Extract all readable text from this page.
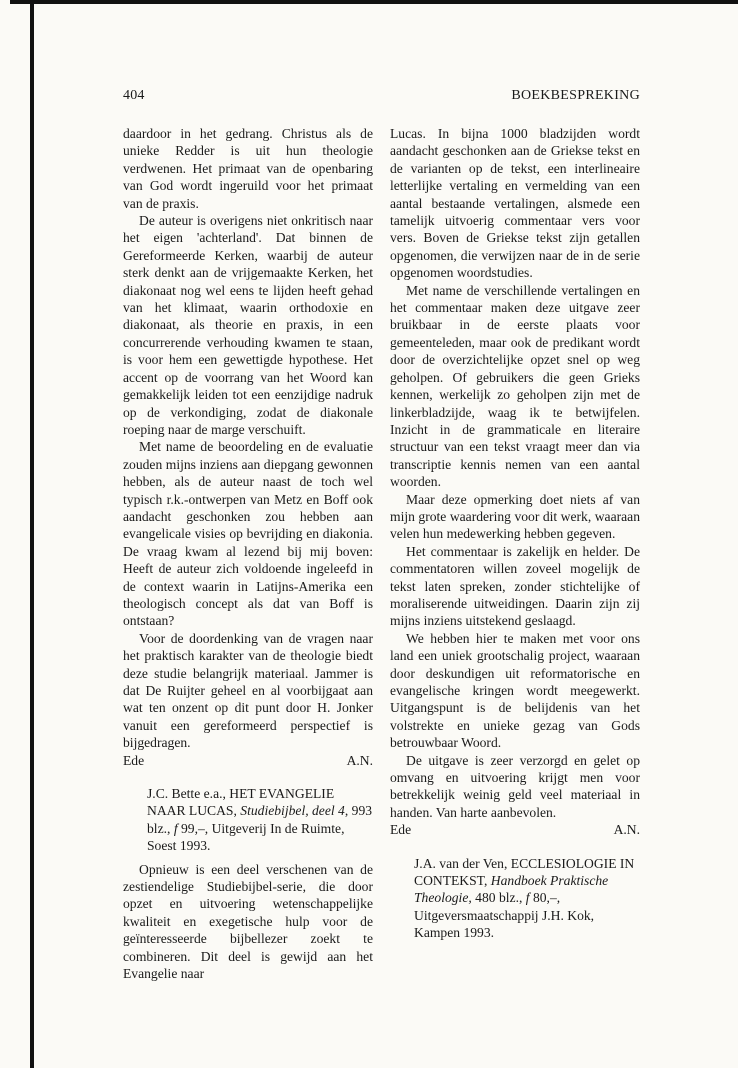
404	BOEKBESPREKING

daardoor in het gedrang. Christus als de unieke Redder is uit hun theologie verdwenen. Het primaat van de openbaring van God wordt ingeruild voor het primaat van de praxis.

De auteur is overigens niet onkritisch naar het eigen 'achterland'. Dat binnen de Gereformeerde Kerken, waarbij de auteur sterk denkt aan de vrijgemaakte Kerken, het diakonaat nog wel eens te lijden heeft gehad van het klimaat, waarin orthodoxie en diakonaat, als theorie en praxis, in een concurrerende verhouding kwamen te staan, is voor hem een gewettigde hypothese. Het accent op de voorrang van het Woord kan gemakkelijk leiden tot een eenzijdige nadruk op de verkondiging, zodat de diakonale roeping naar de marge verschuift.

Met name de beoordeling en de evaluatie zouden mijns inziens aan diepgang gewonnen hebben, als de auteur naast de toch wel typisch r.k.-ontwerpen van Metz en Boff ook aandacht geschonken zou hebben aan evangelicale visies op bevrijding en diakonia. De vraag kwam al lezend bij mij boven: Heeft de auteur zich voldoende ingeleefd in de context waarin in Latijns-Amerika een theologisch concept als dat van Boff is ontstaan?

Voor de doordenking van de vragen naar het praktisch karakter van de theologie biedt deze studie belangrijk materiaal. Jammer is dat De Ruijter geheel en al voorbijgaat aan wat ten onzent op dit punt door H. Jonker vanuit een gereformeerd perspectief is bijgedragen.

Ede	A.N.

J.C. Bette e.a., HET EVANGELIE NAAR LUCAS, Studiebijbel, deel 4, 993 blz., f 99,–, Uitgeverij In de Ruimte, Soest 1993.

Opnieuw is een deel verschenen van de zestiendelige Studiebijbel-serie, die door opzet en uitvoering wetenschappelijke kwaliteit en exegetische hulp voor de geïnteresseerde bijbellezer zoekt te combineren. Dit deel is gewijd aan het Evangelie naar

Lucas. In bijna 1000 bladzijden wordt aandacht geschonken aan de Griekse tekst en de varianten op de tekst, een interlineaire letterlijke vertaling en vermelding van een aantal bestaande vertalingen, alsmede een tamelijk uitvoerig commentaar vers voor vers. Boven de Griekse tekst zijn getallen opgenomen, die verwijzen naar de in de serie opgenomen woordstudies.

Met name de verschillende vertalingen en het commentaar maken deze uitgave zeer bruikbaar in de eerste plaats voor gemeenteleden, maar ook de predikant wordt door de overzichtelijke opzet snel op weg geholpen. Of gebruikers die geen Grieks kennen, werkelijk zo geholpen zijn met de linkerbladzijde, waag ik te betwijfelen. Inzicht in de grammaticale en literaire structuur van een tekst vraagt meer dan via transcriptie kennis nemen van een aantal woorden.

Maar deze opmerking doet niets af van mijn grote waardering voor dit werk, waaraan velen hun medewerking hebben gegeven.

Het commentaar is zakelijk en helder. De commentatoren willen zoveel mogelijk de tekst laten spreken, zonder stichtelijke of moraliserende uitweidingen. Daarin zijn zij mijns inziens uitstekend geslaagd.

We hebben hier te maken met voor ons land een uniek grootschalig project, waaraan door deskundigen uit reformatorische en evangelische kringen wordt meegewerkt. Uitgangspunt is de belijdenis van het volstrekte en unieke gezag van Gods betrouwbaar Woord.

De uitgave is zeer verzorgd en gelet op omvang en uitvoering krijgt men voor betrekkelijk weinig geld veel materiaal in handen. Van harte aanbevolen.

Ede	A.N.

J.A. van der Ven, ECCLESIOLOGIE IN CONTEKST, Handboek Praktische Theologie, 480 blz., f 80,–, Uitgeversmaatschappij J.H. Kok, Kampen 1993.
